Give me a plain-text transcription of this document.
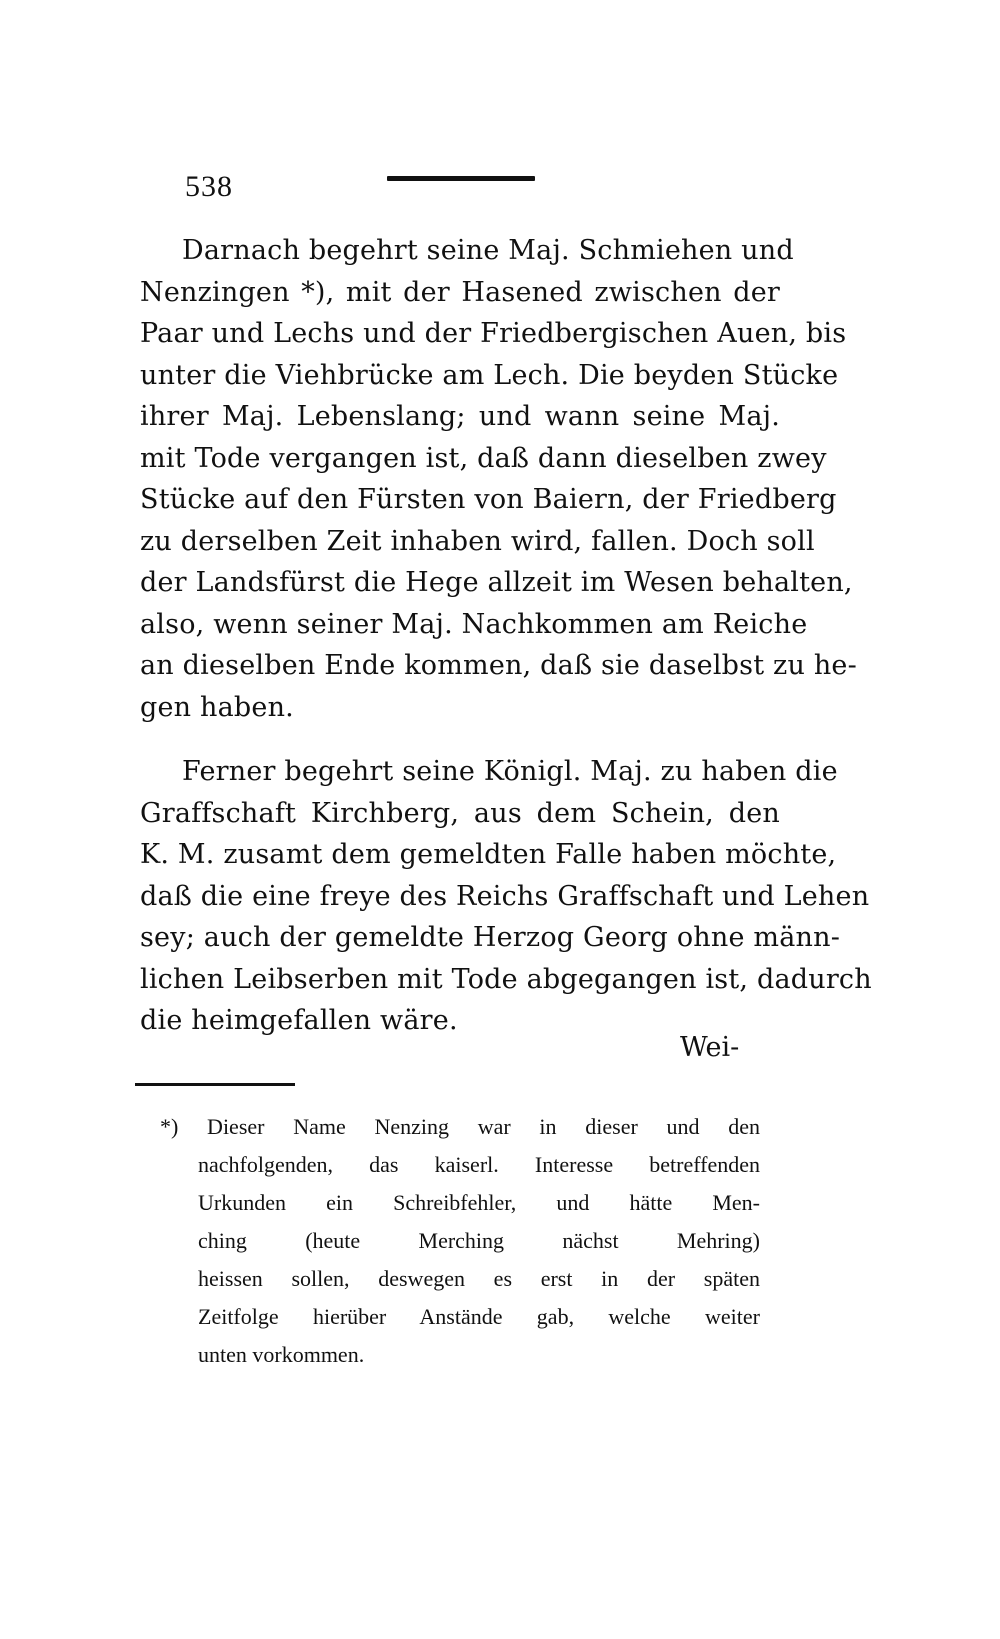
538
Darnach begehrt seine Maj. Schmiehen und
Nenzingen *), mit der Hasened zwischen der
Paar und Lechs und der Friedbergischen Auen, bis
unter die Viehbrücke am Lech. Die beyden Stücke
ihrer Maj. Lebenslang; und wann seine Maj.
mit Tode vergangen ist, daß dann dieselben zwey
Stücke auf den Fürsten von Baiern, der Friedberg
zu derselben Zeit inhaben wird, fallen. Doch soll
der Landsfürst die Hege allzeit im Wesen behalten,
also, wenn seiner Maj. Nachkommen am Reiche
an dieselben Ende kommen, daß sie daselbst zu he-
gen haben.
Ferner begehrt seine Königl. Maj. zu haben die
Graffschaft Kirchberg, aus dem Schein, den
K. M. zusamt dem gemeldten Falle haben möchte,
daß die eine freye des Reichs Graffschaft und Lehen
sey; auch der gemeldte Herzog Georg ohne männ-
lichen Leibserben mit Tode abgegangen ist, dadurch
die heimgefallen wäre.
Wei-
*) Dieser Name Nenzing war in dieser und den
nachfolgenden, das kaiserl. Interesse betreffenden
Urkunden ein Schreibfehler, und hätte Men-
ching (heute Merching nächst Mehring)
heissen sollen, deswegen es erst in der späten
Zeitfolge hierüber Anstände gab, welche weiter
unten vorkommen.
